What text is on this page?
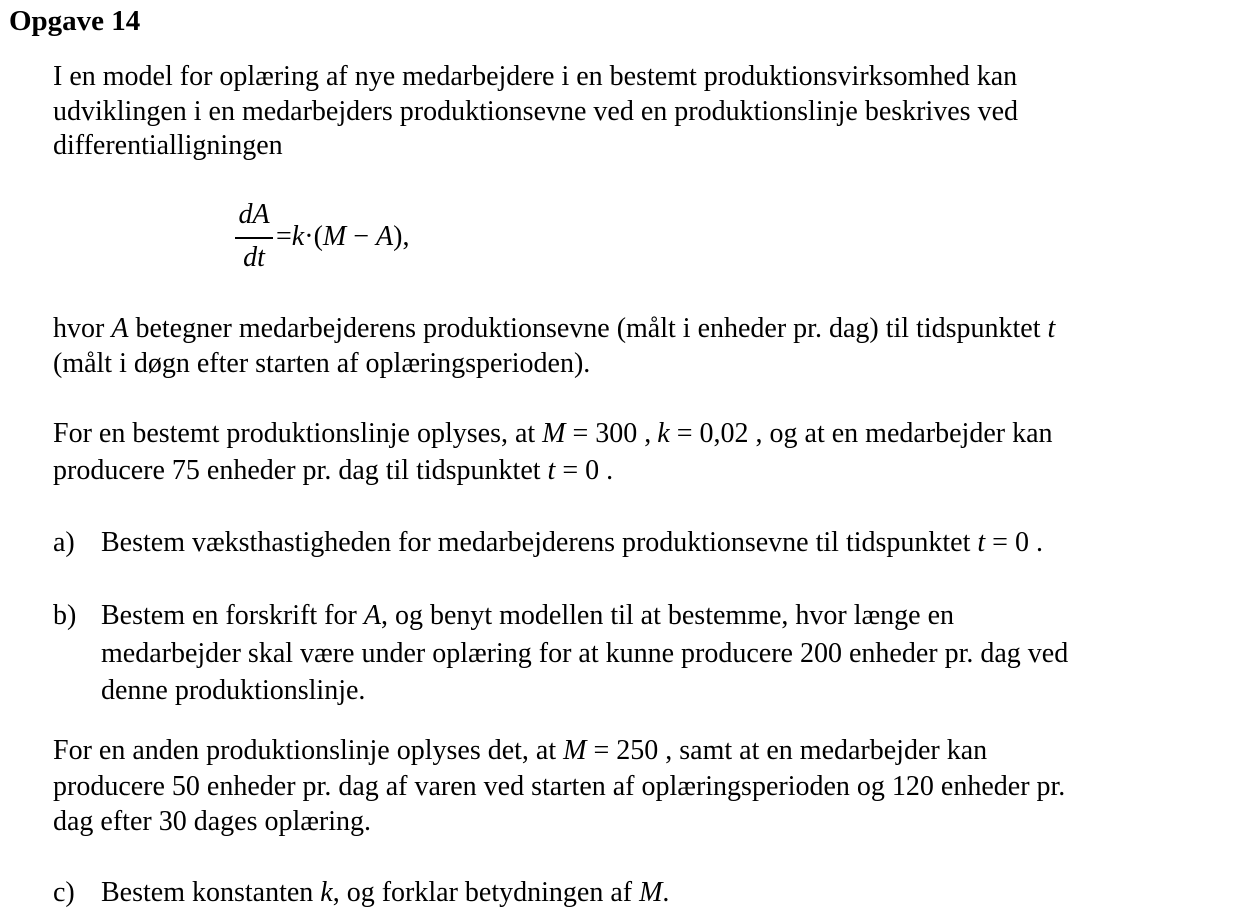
Opgave 14
I en model for oplæring af nye medarbejdere i en bestemt produktionsvirksomhed kan
udviklingen i en medarbejders produktionsevne ved en produktionslinje beskrives ved
differentialligningen
dA
dt
=k·(M − A),
hvor A betegner medarbejderens produktionsevne (målt i enheder pr. dag) til tidspunktet t
(målt i døgn efter starten af oplæringsperioden).
For en bestemt produktionslinje oplyses, at M = 300 , k = 0,02 , og at en medarbejder kan
producere 75 enheder pr. dag til tidspunktet t = 0 .
a) Bestem væksthastigheden for medarbejderens produktionsevne til tidspunktet t = 0 .
b) Bestem en forskrift for A, og benyt modellen til at bestemme, hvor længe en
medarbejder skal være under oplæring for at kunne producere 200 enheder pr. dag ved
denne produktionslinje.
For en anden produktionslinje oplyses det, at M = 250 , samt at en medarbejder kan
producere 50 enheder pr. dag af varen ved starten af oplæringsperioden og 120 enheder pr.
dag efter 30 dages oplæring.
c) Bestem konstanten k, og forklar betydningen af M.
